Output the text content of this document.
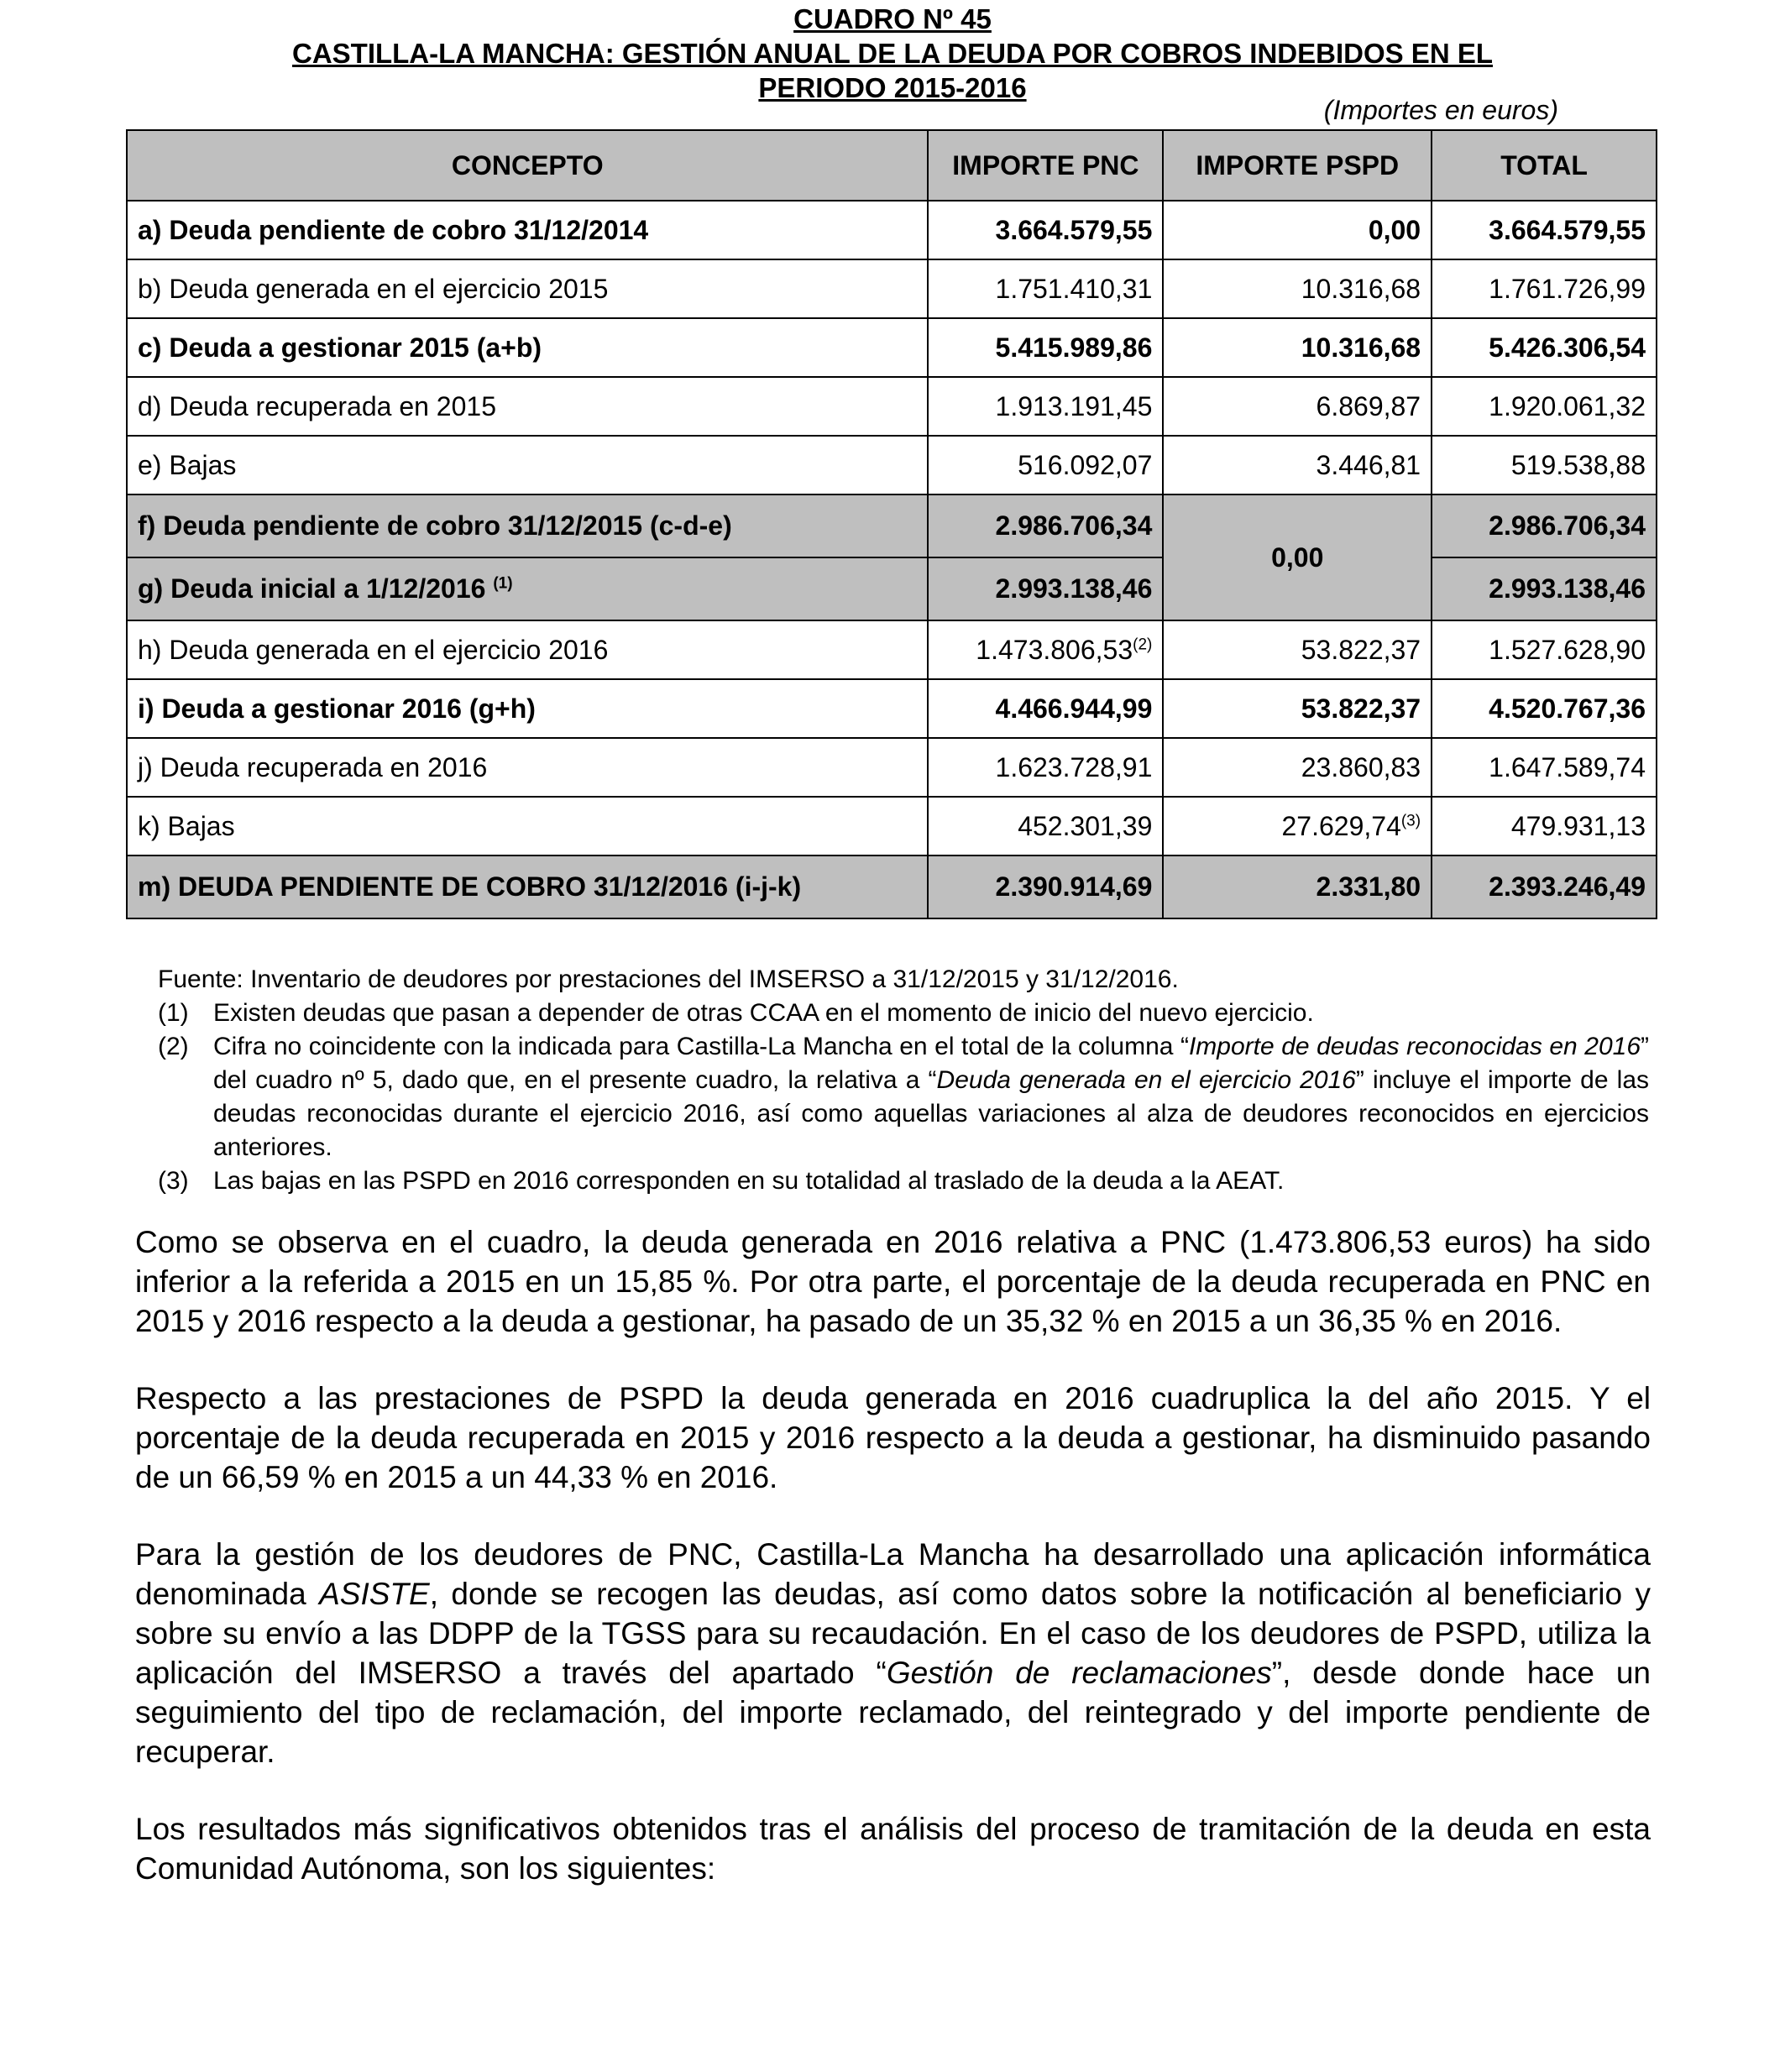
CUADRO Nº 45
CASTILLA-LA MANCHA: GESTIÓN ANUAL DE LA DEUDA POR COBROS INDEBIDOS EN EL
PERIODO 2015-2016
(Importes en euros)
CONCEPTO	IMPORTE PNC	IMPORTE PSPD	TOTAL
a) Deuda pendiente de cobro 31/12/2014	3.664.579,55	0,00	3.664.579,55
b) Deuda generada en el ejercicio 2015	1.751.410,31	10.316,68	1.761.726,99
c) Deuda a gestionar 2015 (a+b)	5.415.989,86	10.316,68	5.426.306,54
d) Deuda recuperada en 2015	1.913.191,45	6.869,87	1.920.061,32
e) Bajas	516.092,07	3.446,81	519.538,88
f) Deuda pendiente de cobro 31/12/2015 (c-d-e)	2.986.706,34	0,00	2.986.706,34
g) Deuda inicial a 1/12/2016 $^{(1)}$	2.993.138,46		2.993.138,46
h) Deuda generada en el ejercicio 2016	1.473.806,53$^{(2)}$	53.822,37	1.527.628,90
i) Deuda a gestionar 2016 (g+h)	4.466.944,99	53.822,37	4.520.767,36
j) Deuda recuperada en 2016	1.623.728,91	23.860,83	1.647.589,74
k) Bajas	452.301,39	27.629,74$^{(3)}$	479.931,13
m) DEUDA PENDIENTE DE COBRO 31/12/2016 (i-j-k)	2.390.914,69	2.331,80	2.393.246,49
Fuente: Inventario de deudores por prestaciones del IMSERSO a 31/12/2015 y 31/12/2016.
(1) Existen deudas que pasan a depender de otras CCAA en el momento de inicio del nuevo ejercicio.
(2) Cifra no coincidente con la indicada para Castilla-La Mancha en el total de la columna “Importe de deudas reconocidas en 2016” del cuadro nº 5, dado que, en el presente cuadro, la relativa a “Deuda generada en el ejercicio 2016” incluye el importe de las deudas reconocidas durante el ejercicio 2016, así como aquellas variaciones al alza de deudores reconocidos en ejercicios anteriores.
(3) Las bajas en las PSPD en 2016 corresponden en su totalidad al traslado de la deuda a la AEAT.

Como se observa en el cuadro, la deuda generada en 2016 relativa a PNC (1.473.806,53 euros) ha sido inferior a la referida a 2015 en un 15,85 %. Por otra parte, el porcentaje de la deuda recuperada en PNC en 2015 y 2016 respecto a la deuda a gestionar, ha pasado de un 35,32 % en 2015 a un 36,35 % en 2016.

Respecto a las prestaciones de PSPD la deuda generada en 2016 cuadruplica la del año 2015. Y el porcentaje de la deuda recuperada en 2015 y 2016 respecto a la deuda a gestionar, ha disminuido pasando de un 66,59 % en 2015 a un 44,33 % en 2016.

Para la gestión de los deudores de PNC, Castilla-La Mancha ha desarrollado una aplicación informática denominada ASISTE, donde se recogen las deudas, así como datos sobre la notificación al beneficiario y sobre su envío a las DDPP de la TGSS para su recaudación. En el caso de los deudores de PSPD, utiliza la aplicación del IMSERSO a través del apartado “Gestión de reclamaciones”, desde donde hace un seguimiento del tipo de reclamación, del importe reclamado, del reintegrado y del importe pendiente de recuperar.

Los resultados más significativos obtenidos tras el análisis del proceso de tramitación de la deuda en esta Comunidad Autónoma, son los siguientes:
